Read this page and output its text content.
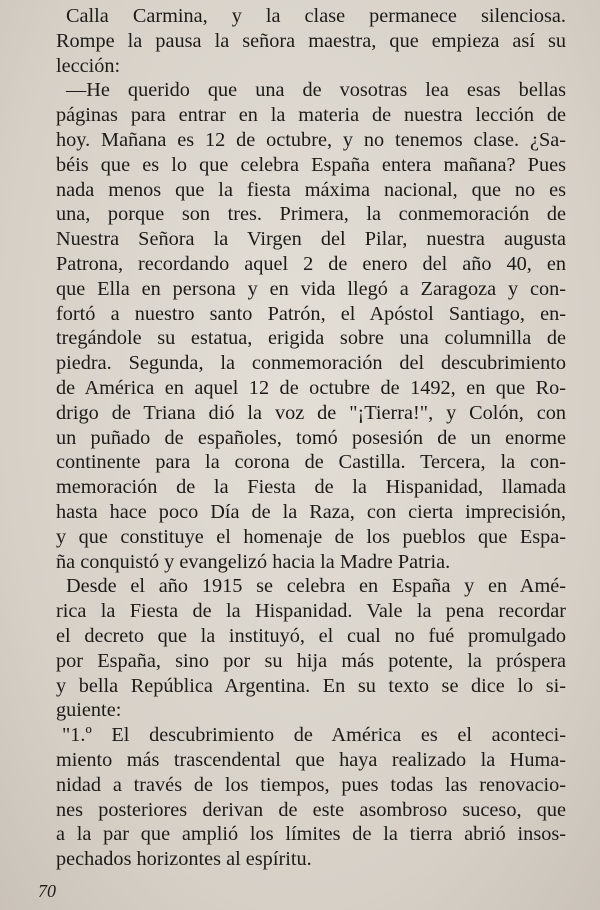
Calla Carmina, y la clase permanece silenciosa.
Rompe la pausa la señora maestra, que empieza así su
lección:
—He querido que una de vosotras lea esas bellas
páginas para entrar en la materia de nuestra lección de
hoy. Mañana es 12 de octubre, y no tenemos clase. ¿Sa-
béis que es lo que celebra España entera mañana? Pues
nada menos que la fiesta máxima nacional, que no es
una, porque son tres. Primera, la conmemoración de
Nuestra Señora la Virgen del Pilar, nuestra augusta
Patrona, recordando aquel 2 de enero del año 40, en
que Ella en persona y en vida llegó a Zaragoza y con-
fortó a nuestro santo Patrón, el Apóstol Santiago, en-
tregándole su estatua, erigida sobre una columnilla de
piedra. Segunda, la conmemoración del descubrimiento
de América en aquel 12 de octubre de 1492, en que Ro-
drigo de Triana dió la voz de "¡Tierra!", y Colón, con
un puñado de españoles, tomó posesión de un enorme
continente para la corona de Castilla. Tercera, la con-
memoración de la Fiesta de la Hispanidad, llamada
hasta hace poco Día de la Raza, con cierta imprecisión,
y que constituye el homenaje de los pueblos que Espa-
ña conquistó y evangelizó hacia la Madre Patria.
Desde el año 1915 se celebra en España y en Amé-
rica la Fiesta de la Hispanidad. Vale la pena recordar
el decreto que la instituyó, el cual no fué promulgado
por España, sino por su hija más potente, la próspera
y bella República Argentina. En su texto se dice lo si-
guiente:
"1.º El descubrimiento de América es el aconteci-
miento más trascendental que haya realizado la Huma-
nidad a través de los tiempos, pues todas las renovacio-
nes posteriores derivan de este asombroso suceso, que
a la par que amplió los límites de la tierra abrió insos-
pechados horizontes al espíritu.
70
